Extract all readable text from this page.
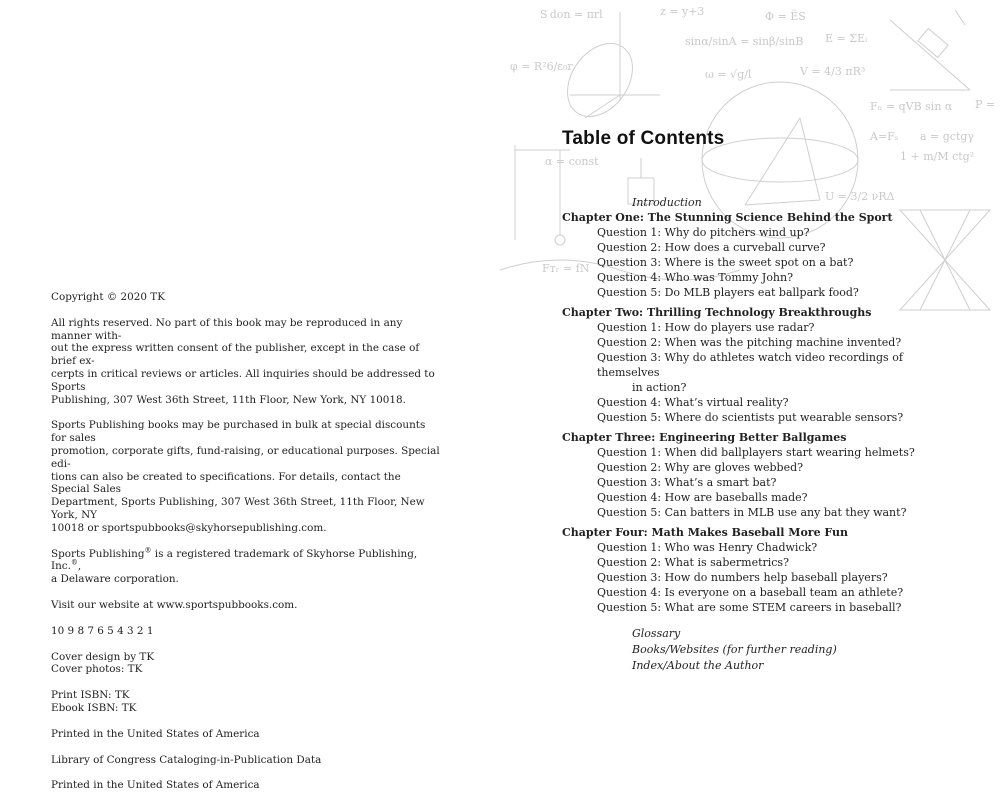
Copyright © 2020 TK

All rights reserved. No part of this book may be reproduced in any manner with-
out the express written consent of the publisher, except in the case of brief ex-
cerpts in critical reviews or articles. All inquiries should be addressed to Sports
Publishing, 307 West 36th Street, 11th Floor, New York, NY 10018.

Sports Publishing books may be purchased in bulk at special discounts for sales
promotion, corporate gifts, fund-raising, or educational purposes. Special edi-
tions can also be created to specifications. For details, contact the Special Sales
Department, Sports Publishing, 307 West 36th Street, 11th Floor, New York, NY
10018 or sportspubbooks@skyhorsepublishing.com.

Sports Publishing® is a registered trademark of Skyhorse Publishing, Inc.®,
a Delaware corporation.

Visit our website at www.sportspubbooks.com.

10 9 8 7 6 5 4 3 2 1

Cover design by TK
Cover photos: TK

Print ISBN: TK
Ebook ISBN: TK

Printed in the United States of America

Library of Congress Cataloging-in-Publication Data

Printed in the United States of America

S don = πrl	z = y+3	Φ = ẼS
φ = R²6/ε₀r
sinα/sinA = sinβ/sinB E = ΣEᵢ
ω = √g/l	V = 4/3 πR³
Fₙ = qVB sin α P =
α = const
U = 3/2 νRΔ
a = gctgγ
1 + m/M ctg²
Fᴛᵣ = fN
A=Fₛ
Table of Contents
Introduction
Chapter One: The Stunning Science Behind the Sport
Question 1: Why do pitchers wind up?
Question 2: How does a curveball curve?
Question 3: Where is the sweet spot on a bat?
Question 4: Who was Tommy John?
Question 5: Do MLB players eat ballpark food?
Chapter Two: Thrilling Technology Breakthroughs
Question 1: How do players use radar?
Question 2: When was the pitching machine invented?
Question 3: Why do athletes watch video recordings of themselves
in action?
Question 4: What’s virtual reality?
Question 5: Where do scientists put wearable sensors?
Chapter Three: Engineering Better Ballgames
Question 1: When did ballplayers start wearing helmets?
Question 2: Why are gloves webbed?
Question 3: What’s a smart bat?
Question 4: How are baseballs made?
Question 5: Can batters in MLB use any bat they want?
Chapter Four: Math Makes Baseball More Fun
Question 1: Who was Henry Chadwick?
Question 2: What is sabermetrics?
Question 3: How do numbers help baseball players?
Question 4: Is everyone on a baseball team an athlete?
Question 5: What are some STEM careers in baseball?
Glossary
Books/Websites (for further reading)
Index/About the Author
